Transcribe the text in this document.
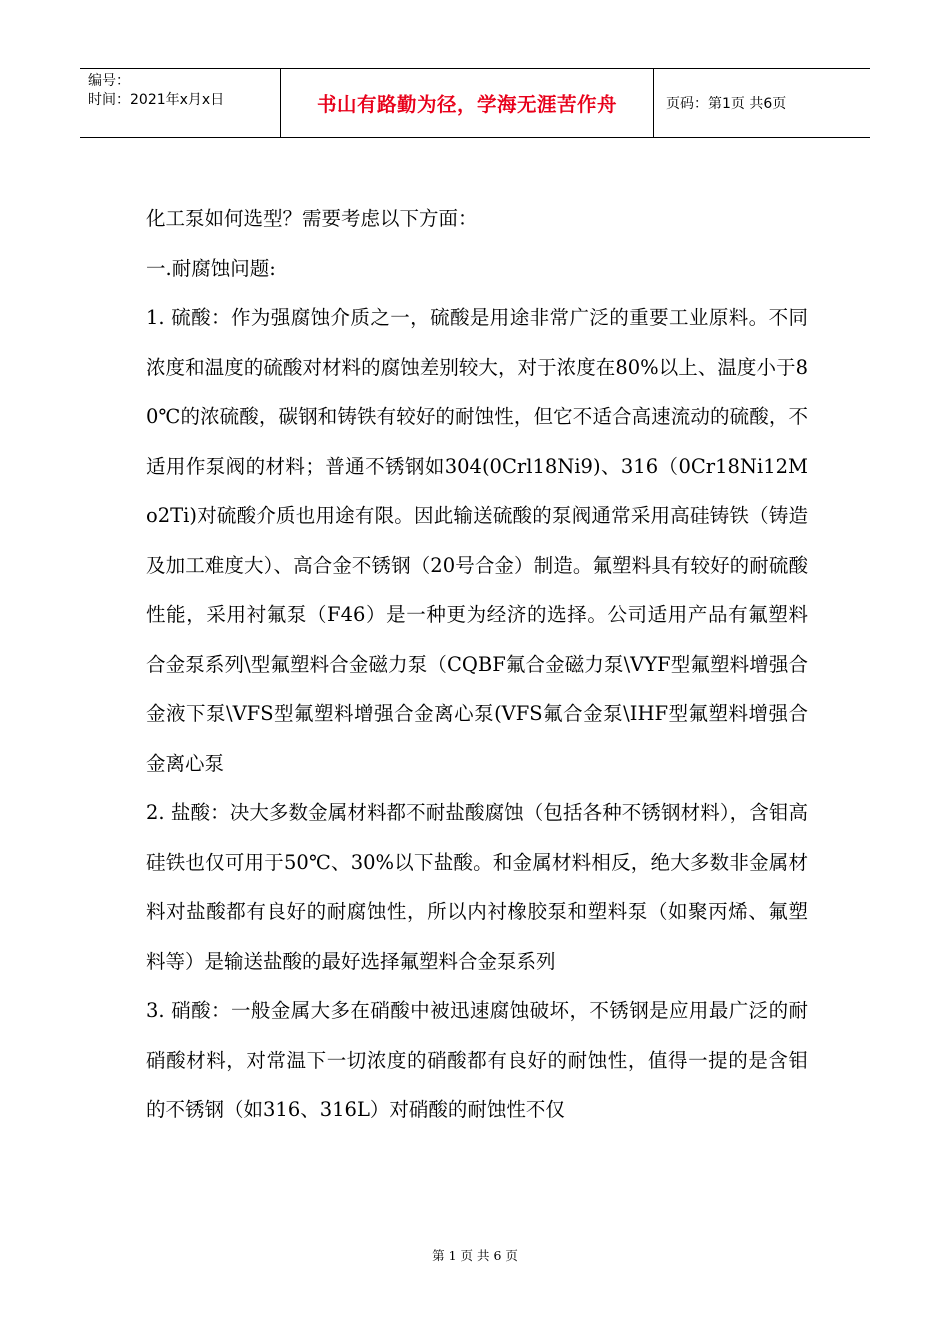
编号：
时间：2021年x月x日	书山有路勤为径，学海无涯苦作舟	页码：第1页 共6页

化工泵如何选型？需要考虑以下方面：

一.耐腐蚀问题:

1. 硫酸：作为强腐蚀介质之一，硫酸是用途非常广泛的重要工业原料。不同浓度和温度的硫酸对材料的腐蚀差别较大，对于浓度在80%以上、温度小于80℃的浓硫酸，碳钢和铸铁有较好的耐蚀性，但它不适合高速流动的硫酸，不适用作泵阀的材料；普通不锈钢如304(0Crl18Ni9)、316（0Cr18Ni12Mo2Ti)对硫酸介质也用途有限。因此输送硫酸的泵阀通常采用高硅铸铁（铸造及加工难度大）、高合金不锈钢（20号合金）制造。氟塑料具有较好的耐硫酸性能，采用衬氟泵（F46）是一种更为经济的选择。公司适用产品有氟塑料合金泵系列\型氟塑料合金磁力泵（CQBF氟合金磁力泵\VYF型氟塑料增强合金液下泵\VFS型氟塑料增强合金离心泵(VFS氟合金泵\IHF型氟塑料增强合金离心泵

2. 盐酸：决大多数金属材料都不耐盐酸腐蚀（包括各种不锈钢材料），含钼高硅铁也仅可用于50℃、30%以下盐酸。和金属材料相反，绝大多数非金属材料对盐酸都有良好的耐腐蚀性，所以内衬橡胶泵和塑料泵（如聚丙烯、氟塑料等）是输送盐酸的最好选择氟塑料合金泵系列

3. 硝酸：一般金属大多在硝酸中被迅速腐蚀破坏，不锈钢是应用最广泛的耐硝酸材料，对常温下一切浓度的硝酸都有良好的耐蚀性，值得一提的是含钼的不锈钢（如316、316L）对硝酸的耐蚀性不仅

第 1 页 共 6 页
